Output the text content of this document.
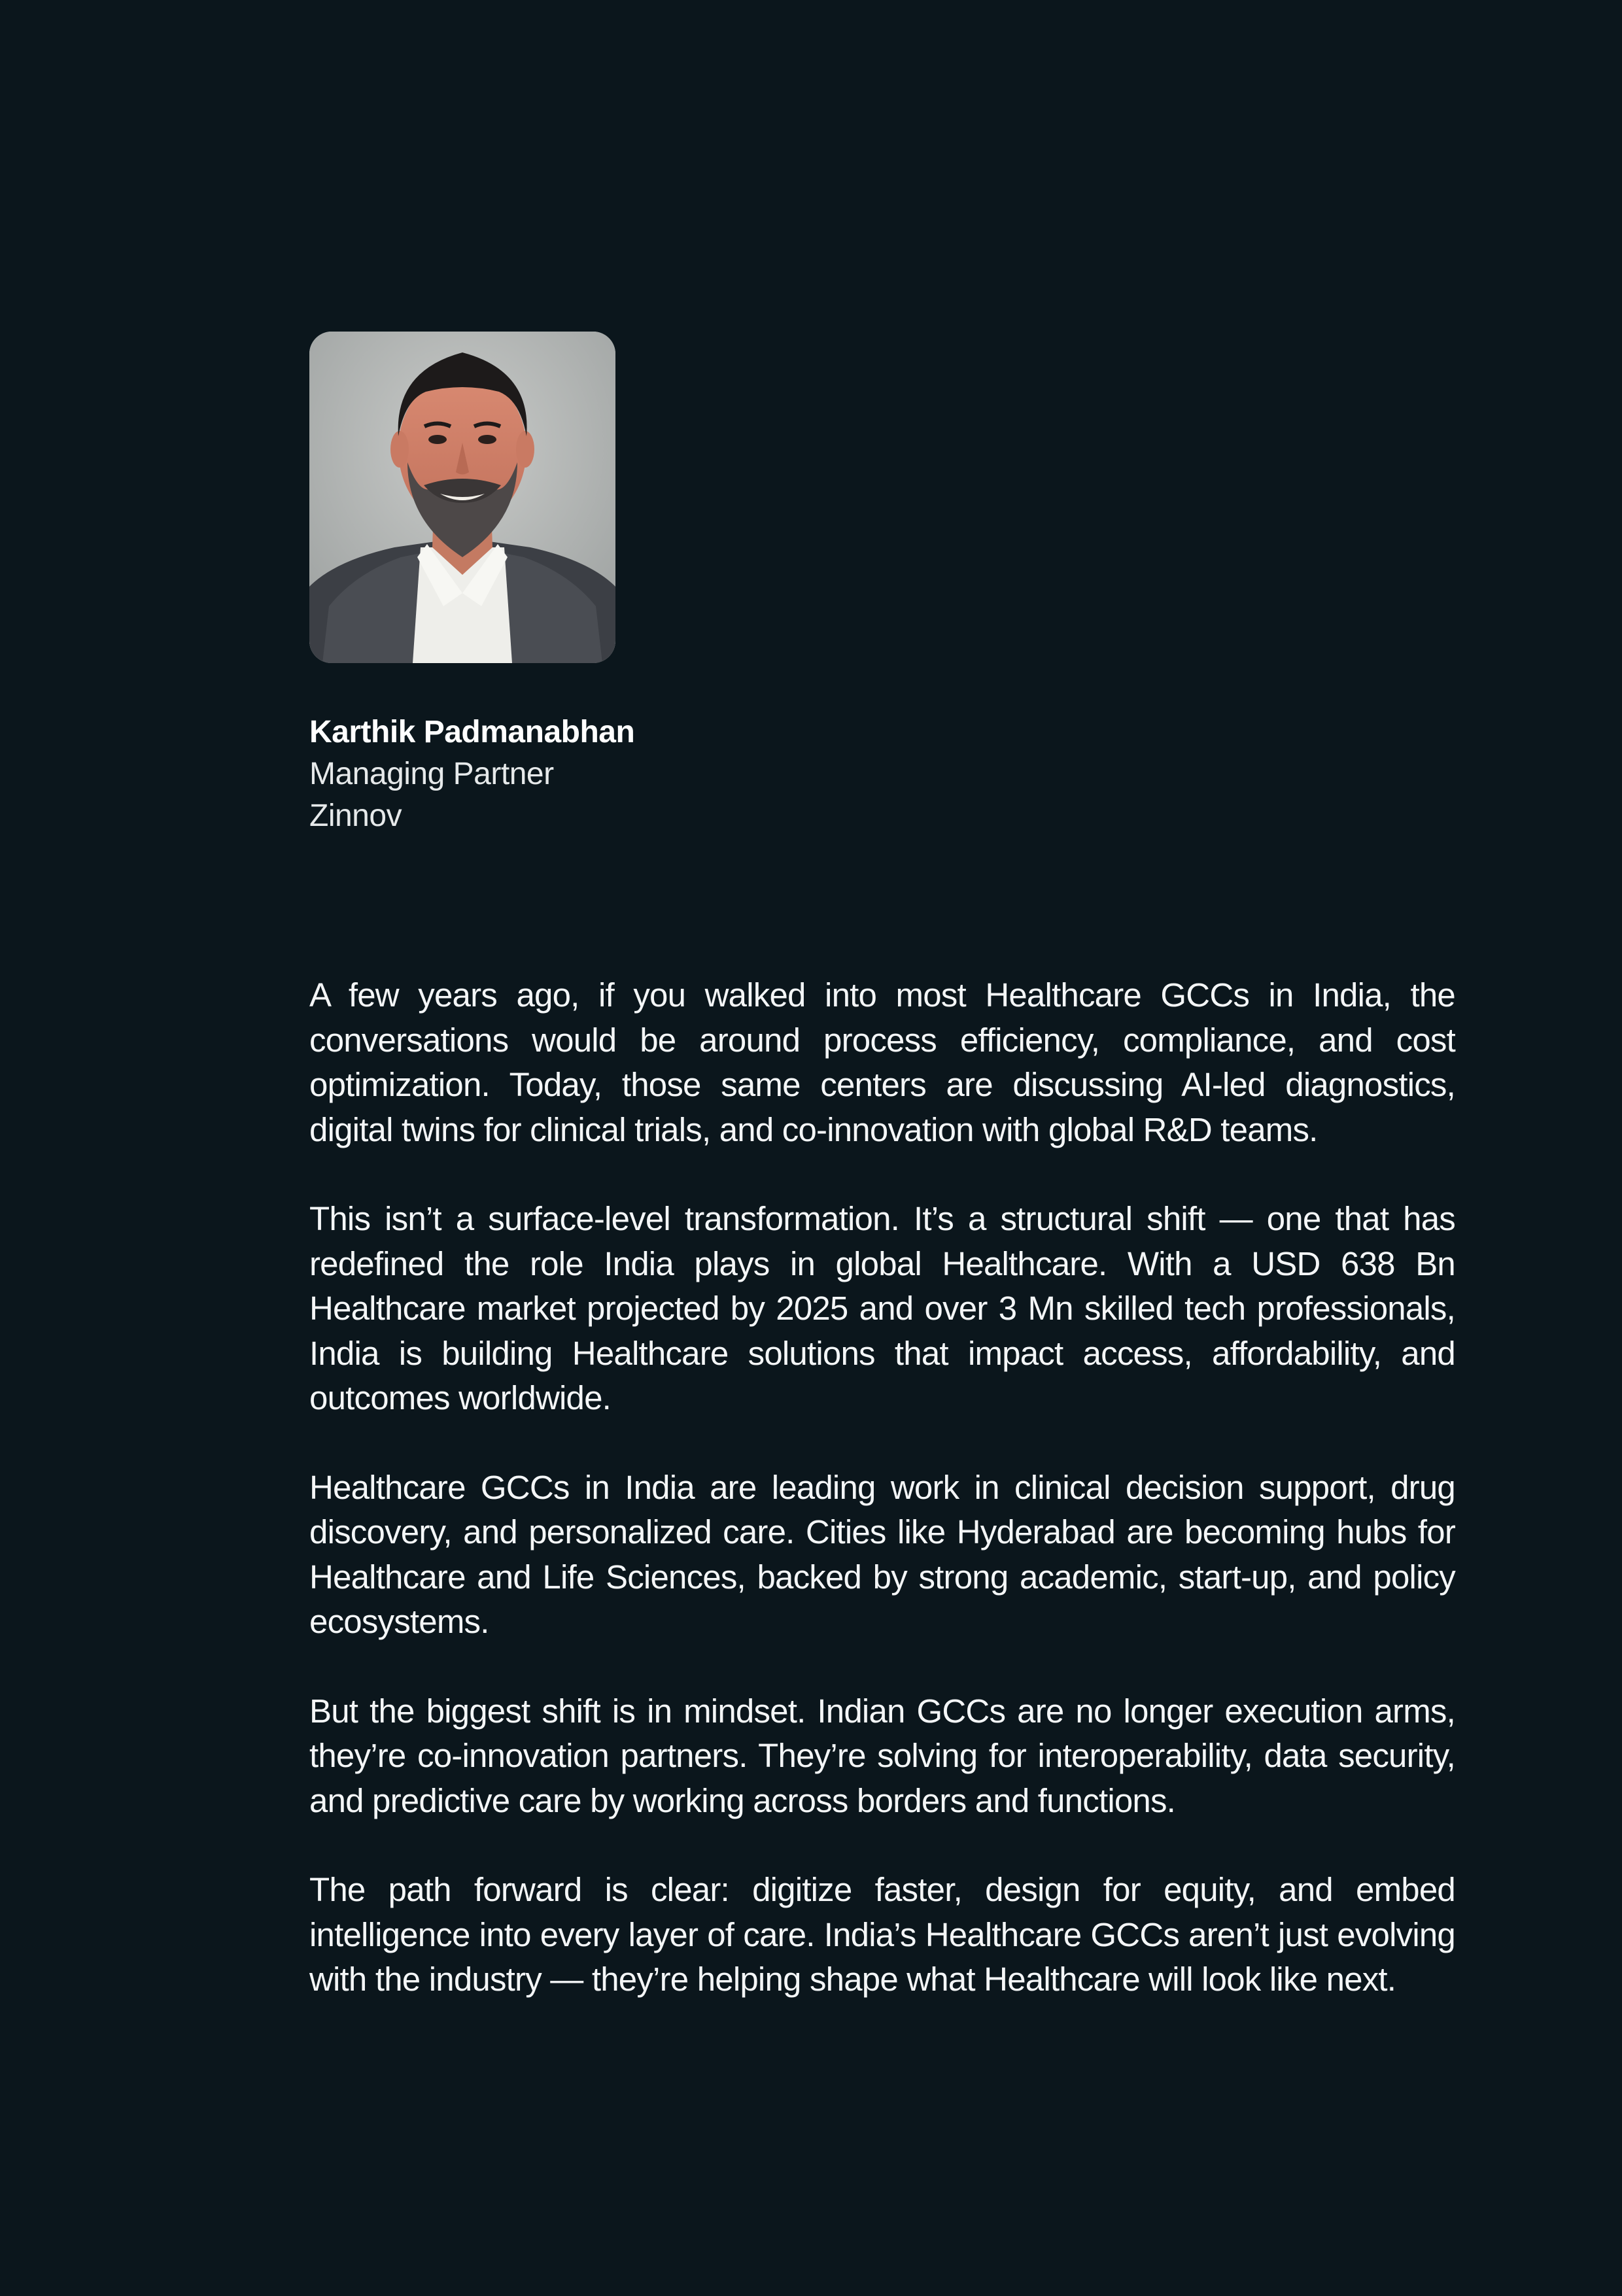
Karthik Padmanabhan
Managing Partner
Zinnov

A few years ago, if you walked into most Healthcare GCCs in India, the conversations would be around process efficiency, compliance, and cost optimization. Today, those same centers are discussing AI-led diagnostics, digital twins for clinical trials, and co-innovation with global R&D teams.

This isn’t a surface-level transformation. It’s a structural shift — one that has redefined the role India plays in global Healthcare. With a USD 638 Bn Healthcare market projected by 2025 and over 3 Mn skilled tech professionals, India is building Healthcare solutions that impact access, affordability, and outcomes worldwide.

Healthcare GCCs in India are leading work in clinical decision support, drug discovery, and personalized care. Cities like Hyderabad are becoming hubs for Healthcare and Life Sciences, backed by strong academic, start-up, and policy ecosystems.

But the biggest shift is in mindset. Indian GCCs are no longer execution arms, they’re co-innovation partners. They’re solving for interoperability, data security, and predictive care by working across borders and functions.

The path forward is clear: digitize faster, design for equity, and embed intelligence into every layer of care. India’s Healthcare GCCs aren’t just evolving with the industry — they’re helping shape what Healthcare will look like next.
